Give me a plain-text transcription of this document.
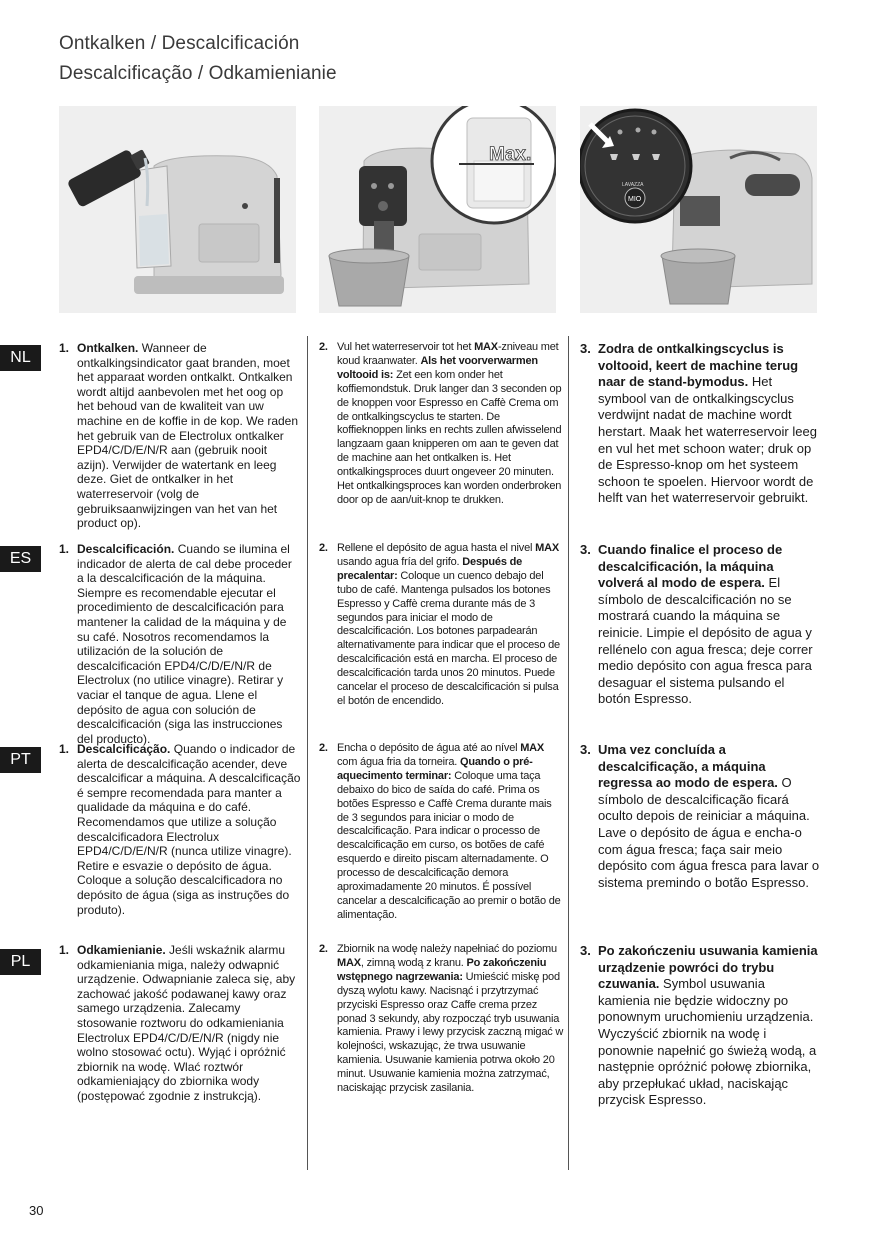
Ontkalken / Descalcificación
Descalcificação / Odkamienianie
Max.
LAVAZZA
MIO
NL
ES
PT
PL
1. Ontkalken. Wanneer de ontkalkingsindicator gaat branden, moet het apparaat worden ontkalkt. Ontkalken wordt altijd aanbevolen met het oog op het behoud van de kwaliteit van uw machine en de koffie in de kop. We raden het gebruik van de Electrolux ontkalker EPD4/C/D/E/N/R aan (gebruik nooit azijn). Verwijder de watertank en leeg deze. Giet de ontkalker in het waterreservoir (volg de gebruiksaanwijzingen van het van het product op).
2. Vul het waterreservoir tot het MAX-zniveau met koud kraanwater. Als het voorverwarmen voltooid is: Zet een kom onder het koffiemondstuk. Druk langer dan 3 seconden op de knoppen voor Espresso en Caffè Crema om de ontkalkingscyclus te starten. De koffieknoppen links en rechts zullen afwisselend langzaam gaan knipperen om aan te geven dat de machine aan het ontkalken is. Het ontkalkingsproces duurt ongeveer 20 minuten. Het ontkalkingsproces kan worden onderbroken door op de aan/uit-knop te drukken.
3. Zodra de ontkalkingscyclus is voltooid, keert de machine terug naar de stand-bymodus. Het symbool van de ontkalkingscyclus verdwijnt nadat de machine wordt herstart. Maak het waterreservoir leeg en vul het met schoon water; druk op de Espresso-knop om het systeem schoon te spoelen. Hiervoor wordt de helft van het waterreservoir gebruikt.
1. Descalcificación. Cuando se ilumina el indicador de alerta de cal debe proceder a la descalcificación de la máquina. Siempre es recomendable ejecutar el procedimiento de descalcificación para mantener la calidad de la máquina y de su café. Nosotros recomendamos la utilización de la solución de descalcificación EPD4/C/D/E/N/R de Electrolux (no utilice vinagre). Retirar y vaciar el tanque de agua. Llene el depósito de agua con solución de descalcificación (siga las instrucciones del producto).
2. Rellene el depósito de agua hasta el nivel MAX usando agua fría del grifo. Después de precalentar: Coloque un cuenco debajo del tubo de café. Mantenga pulsados los botones Espresso y Caffè crema durante más de 3 segundos para iniciar el modo de descalcificación. Los botones parpadearán alternativamente para indicar que el proceso de descalcificación está en marcha. El proceso de descalcificación tarda unos 20 minutos. Puede cancelar el proceso de descalcificación si pulsa el botón de encendido.
3. Cuando finalice el proceso de descalcificación, la máquina volverá al modo de espera. El símbolo de descalcificación no se mostrará cuando la máquina se reinicie. Limpie el depósito de agua y rellénelo con agua fresca; deje correr medio depósito con agua fresca para desaguar el sistema pulsando el botón Espresso.
1. Descalcificação. Quando o indicador de alerta de descalcificação acender, deve descalcificar a máquina. A descalcificação é sempre recomendada para manter a qualidade da máquina e do café. Recomendamos que utilize a solução descalcificadora Electrolux EPD4/C/D/E/N/R (nunca utilize vinagre). Retire e esvazie o depósito de água. Coloque a solução descalcificadora no depósito de água (siga as instruções do produto).
2. Encha o depósito de água até ao nível MAX com água fria da torneira. Quando o pré-aquecimento terminar: Coloque uma taça debaixo do bico de saída do café. Prima os botões Espresso e Caffè Crema durante mais de 3 segundos para iniciar o modo de descalcificação. Para indicar o processo de descalcificação em curso, os botões de café esquerdo e direito piscam alternadamente. O processo de descalcificação demora aproximadamente 20 minutos. É possível cancelar a descalcificação ao premir o botão de alimentação.
3. Uma vez concluída a descalcificação, a máquina regressa ao modo de espera. O símbolo de descalcificação ficará oculto depois de reiniciar a máquina. Lave o depósito de água e encha-o com água fresca; faça sair meio depósito com água fresca para lavar o sistema premindo o botão Espresso.
1. Odkamienianie. Jeśli wskaźnik alarmu odkamieniania miga, należy odwapnić urządzenie. Odwapnianie zaleca się, aby zachować jakość podawanej kawy oraz samego urządzenia. Zalecamy stosowanie roztworu do odkamieniania Electrolux EPD4/C/D/E/N/R (nigdy nie wolno stosować octu). Wyjąć i opróżnić zbiornik na wodę. Wlać roztwór odkamieniający do zbiornika wody (postępować zgodnie z instrukcją).
2. Zbiornik na wodę należy napełniać do poziomu MAX, zimną wodą z kranu. Po zakończeniu wstępnego nagrzewania: Umieścić miskę pod dyszą wylotu kawy. Nacisnąć i przytrzymać przyciski Espresso oraz Caffe crema przez ponad 3 sekundy, aby rozpocząć tryb usuwania kamienia. Prawy i lewy przycisk zaczną migać w kolejności, wskazując, że trwa usuwanie kamienia. Usuwanie kamienia potrwa około 20 minut. Usuwanie kamienia można zatrzymać, naciskając przycisk zasilania.
3. Po zakończeniu usuwania kamienia urządzenie powróci do trybu czuwania. Symbol usuwania kamienia nie będzie widoczny po ponownym uruchomieniu urządzenia. Wyczyścić zbiornik na wodę i ponownie napełnić go świeżą wodą, a następnie opróżnić połowę zbiornika, aby przepłukać układ, naciskając przycisk Espresso.
30
